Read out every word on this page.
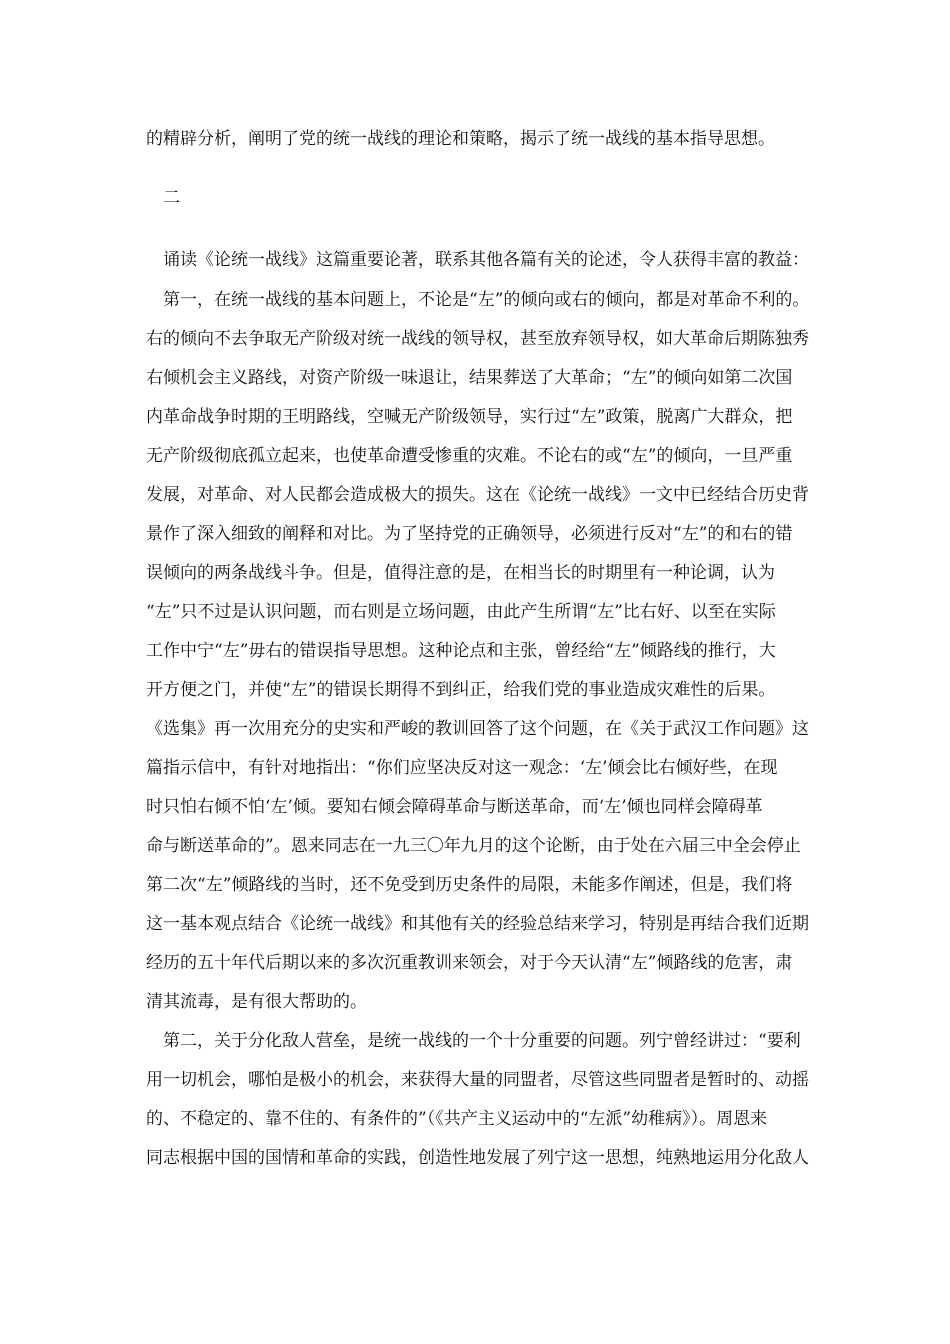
的精辟分析，阐明了党的统一战线的理论和策略，揭示了统一战线的基本指导思想。
二
诵读《论统一战线》这篇重要论著，联系其他各篇有关的论述，令人获得丰富的教益：
第一，在统一战线的基本问题上，不论是“左”的倾向或右的倾向，都是对革命不利的。
右的倾向不去争取无产阶级对统一战线的领导权，甚至放弃领导权，如大革命后期陈独秀
右倾机会主义路线，对资产阶级一味退让，结果葬送了大革命；“左”的倾向如第二次国
内革命战争时期的王明路线，空喊无产阶级领导，实行过“左”政策，脱离广大群众，把
无产阶级彻底孤立起来，也使革命遭受惨重的灾难。不论右的或“左”的倾向，一旦严重
发展，对革命、对人民都会造成极大的损失。这在《论统一战线》一文中已经结合历史背
景作了深入细致的阐释和对比。为了坚持党的正确领导，必须进行反对“左”的和右的错
误倾向的两条战线斗争。但是，值得注意的是，在相当长的时期里有一种论调，认为
“左”只不过是认识问题，而右则是立场问题，由此产生所谓“左”比右好、以至在实际
工作中宁“左”毋右的错误指导思想。这种论点和主张，曾经给“左”倾路线的推行，大
开方便之门，并使“左”的错误长期得不到纠正，给我们党的事业造成灾难性的后果。
《选集》再一次用充分的史实和严峻的教训回答了这个问题，在《关于武汉工作问题》这
篇指示信中，有针对地指出：“你们应坚决反对这一观念：‘左’倾会比右倾好些，在现
时只怕右倾不怕‘左’倾。要知右倾会障碍革命与断送革命，而‘左’倾也同样会障碍革
命与断送革命的”。恩来同志在一九三〇年九月的这个论断，由于处在六届三中全会停止
第二次“左”倾路线的当时，还不免受到历史条件的局限，未能多作阐述，但是，我们将
这一基本观点结合《论统一战线》和其他有关的经验总结来学习，特别是再结合我们近期
经历的五十年代后期以来的多次沉重教训来领会，对于今天认清“左”倾路线的危害，肃
清其流毒，是有很大帮助的。
第二，关于分化敌人营垒，是统一战线的一个十分重要的问题。列宁曾经讲过：“要利
用一切机会，哪怕是极小的机会，来获得大量的同盟者，尽管这些同盟者是暂时的、动摇
的、不稳定的、靠不住的、有条件的”（《共产主义运动中的“左派”幼稚病》）。周恩来
同志根据中国的国情和革命的实践，创造性地发展了列宁这一思想，纯熟地运用分化敌人
